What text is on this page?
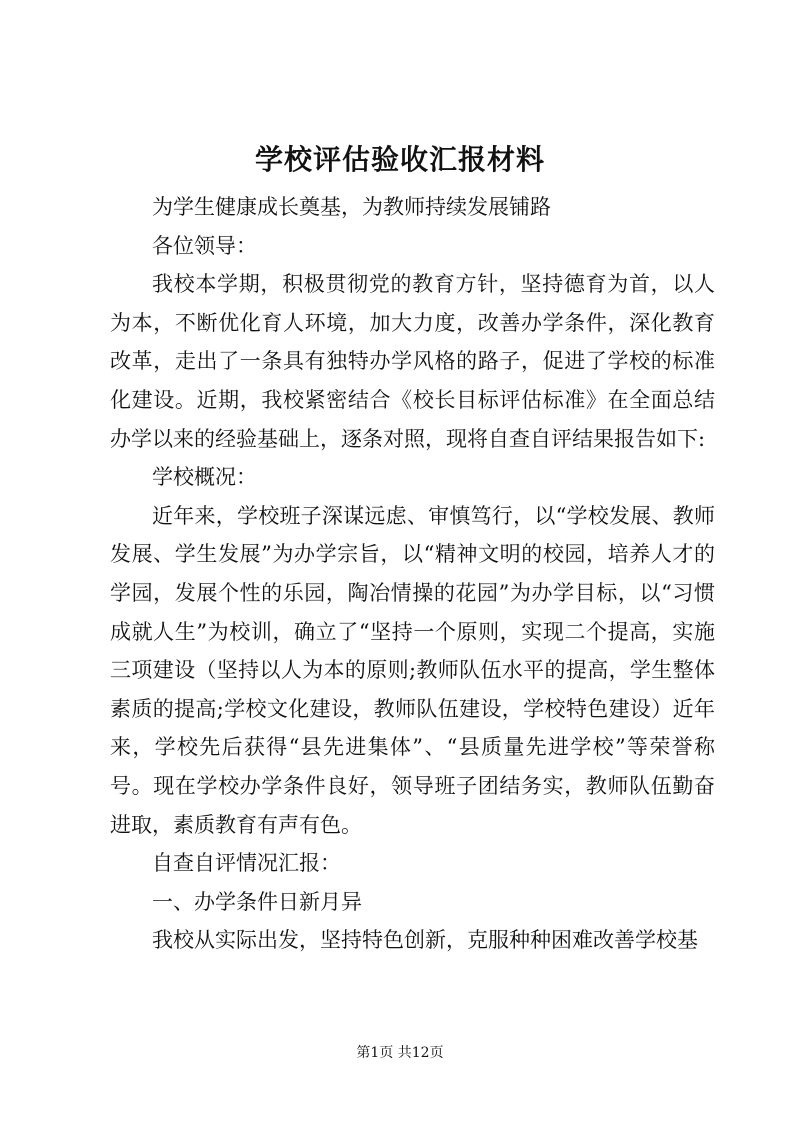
学校评估验收汇报材料

为学生健康成长奠基，为教师持续发展铺路

各位领导：

我校本学期，积极贯彻党的教育方针，坚持德育为首，以人为本，不断优化育人环境，加大力度，改善办学条件，深化教育改革，走出了一条具有独特办学风格的路子，促进了学校的标准化建设。近期，我校紧密结合《校长目标评估标准》在全面总结办学以来的经验基础上，逐条对照，现将自查自评结果报告如下:

学校概况：

近年来，学校班子深谋远虑、审慎笃行，以“学校发展、教师发展、学生发展”为办学宗旨，以“精神文明的校园，培养人才的学园，发展个性的乐园，陶冶情操的花园”为办学目标，以“习惯成就人生”为校训，确立了“坚持一个原则，实现二个提高，实施三项建设（坚持以人为本的原则;教师队伍水平的提高，学生整体素质的提高;学校文化建设，教师队伍建设，学校特色建设）近年来，学校先后获得“县先进集体”、“县质量先进学校”等荣誉称号。现在学校办学条件良好，领导班子团结务实，教师队伍勤奋进取，素质教育有声有色。

自查自评情况汇报：

一、办学条件日新月异

我校从实际出发，坚持特色创新，克服种种困难改善学校基

第1页 共12页
